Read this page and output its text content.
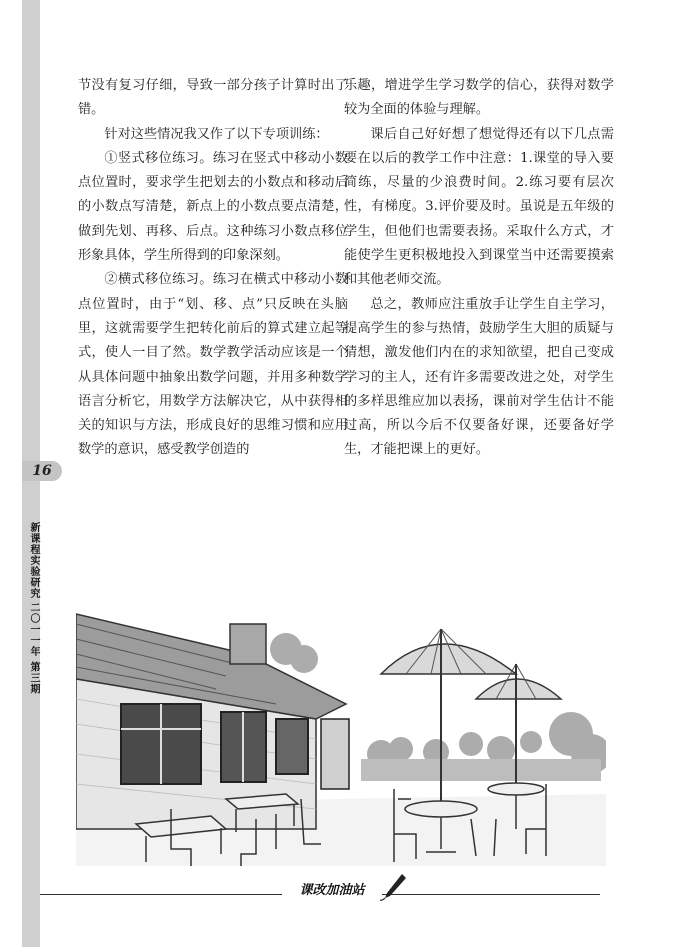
16
新课程实验研究
二〇一一年 第三期

节没有复习仔细，导致一部分孩子计算时出了错。

针对这些情况我又作了以下专项训练：

①竖式移位练习。练习在竖式中移动小数点位置时，要求学生把划去的小数点和移动后的小数点写清楚，新点上的小数点要点清楚，做到先划、再移、后点。这种练习小数点移位形象具体，学生所得到的印象深刻。

②横式移位练习。练习在横式中移动小数点位置时，由于“划、移、点”只反映在头脑里，这就需要学生把转化前后的算式建立起等式，使人一目了然。数学教学活动应该是一个从具体问题中抽象出数学问题，并用多种数学语言分析它，用数学方法解决它，从中获得相关的知识与方法，形成良好的思维习惯和应用数学的意识，感受教学创造的

乐趣，增进学生学习数学的信心，获得对数学较为全面的体验与理解。

课后自己好好想了想觉得还有以下几点需要在以后的教学工作中注意：1.课堂的导入要简练，尽量的少浪费时间。2.练习要有层次性，有梯度。3.评价要及时。虽说是五年级的学生，但他们也需要表扬。采取什么方式，才能使学生更积极地投入到课堂当中还需要摸索和其他老师交流。

总之，教师应注重放手让学生自主学习，提高学生的参与热情，鼓励学生大胆的质疑与猜想，激发他们内在的求知欲望，把自己变成学习的主人，还有许多需要改进之处，对学生的多样思维应加以表扬，课前对学生估计不能过高，所以今后不仅要备好课，还要备好学生，才能把课上的更好。

课改加油站
